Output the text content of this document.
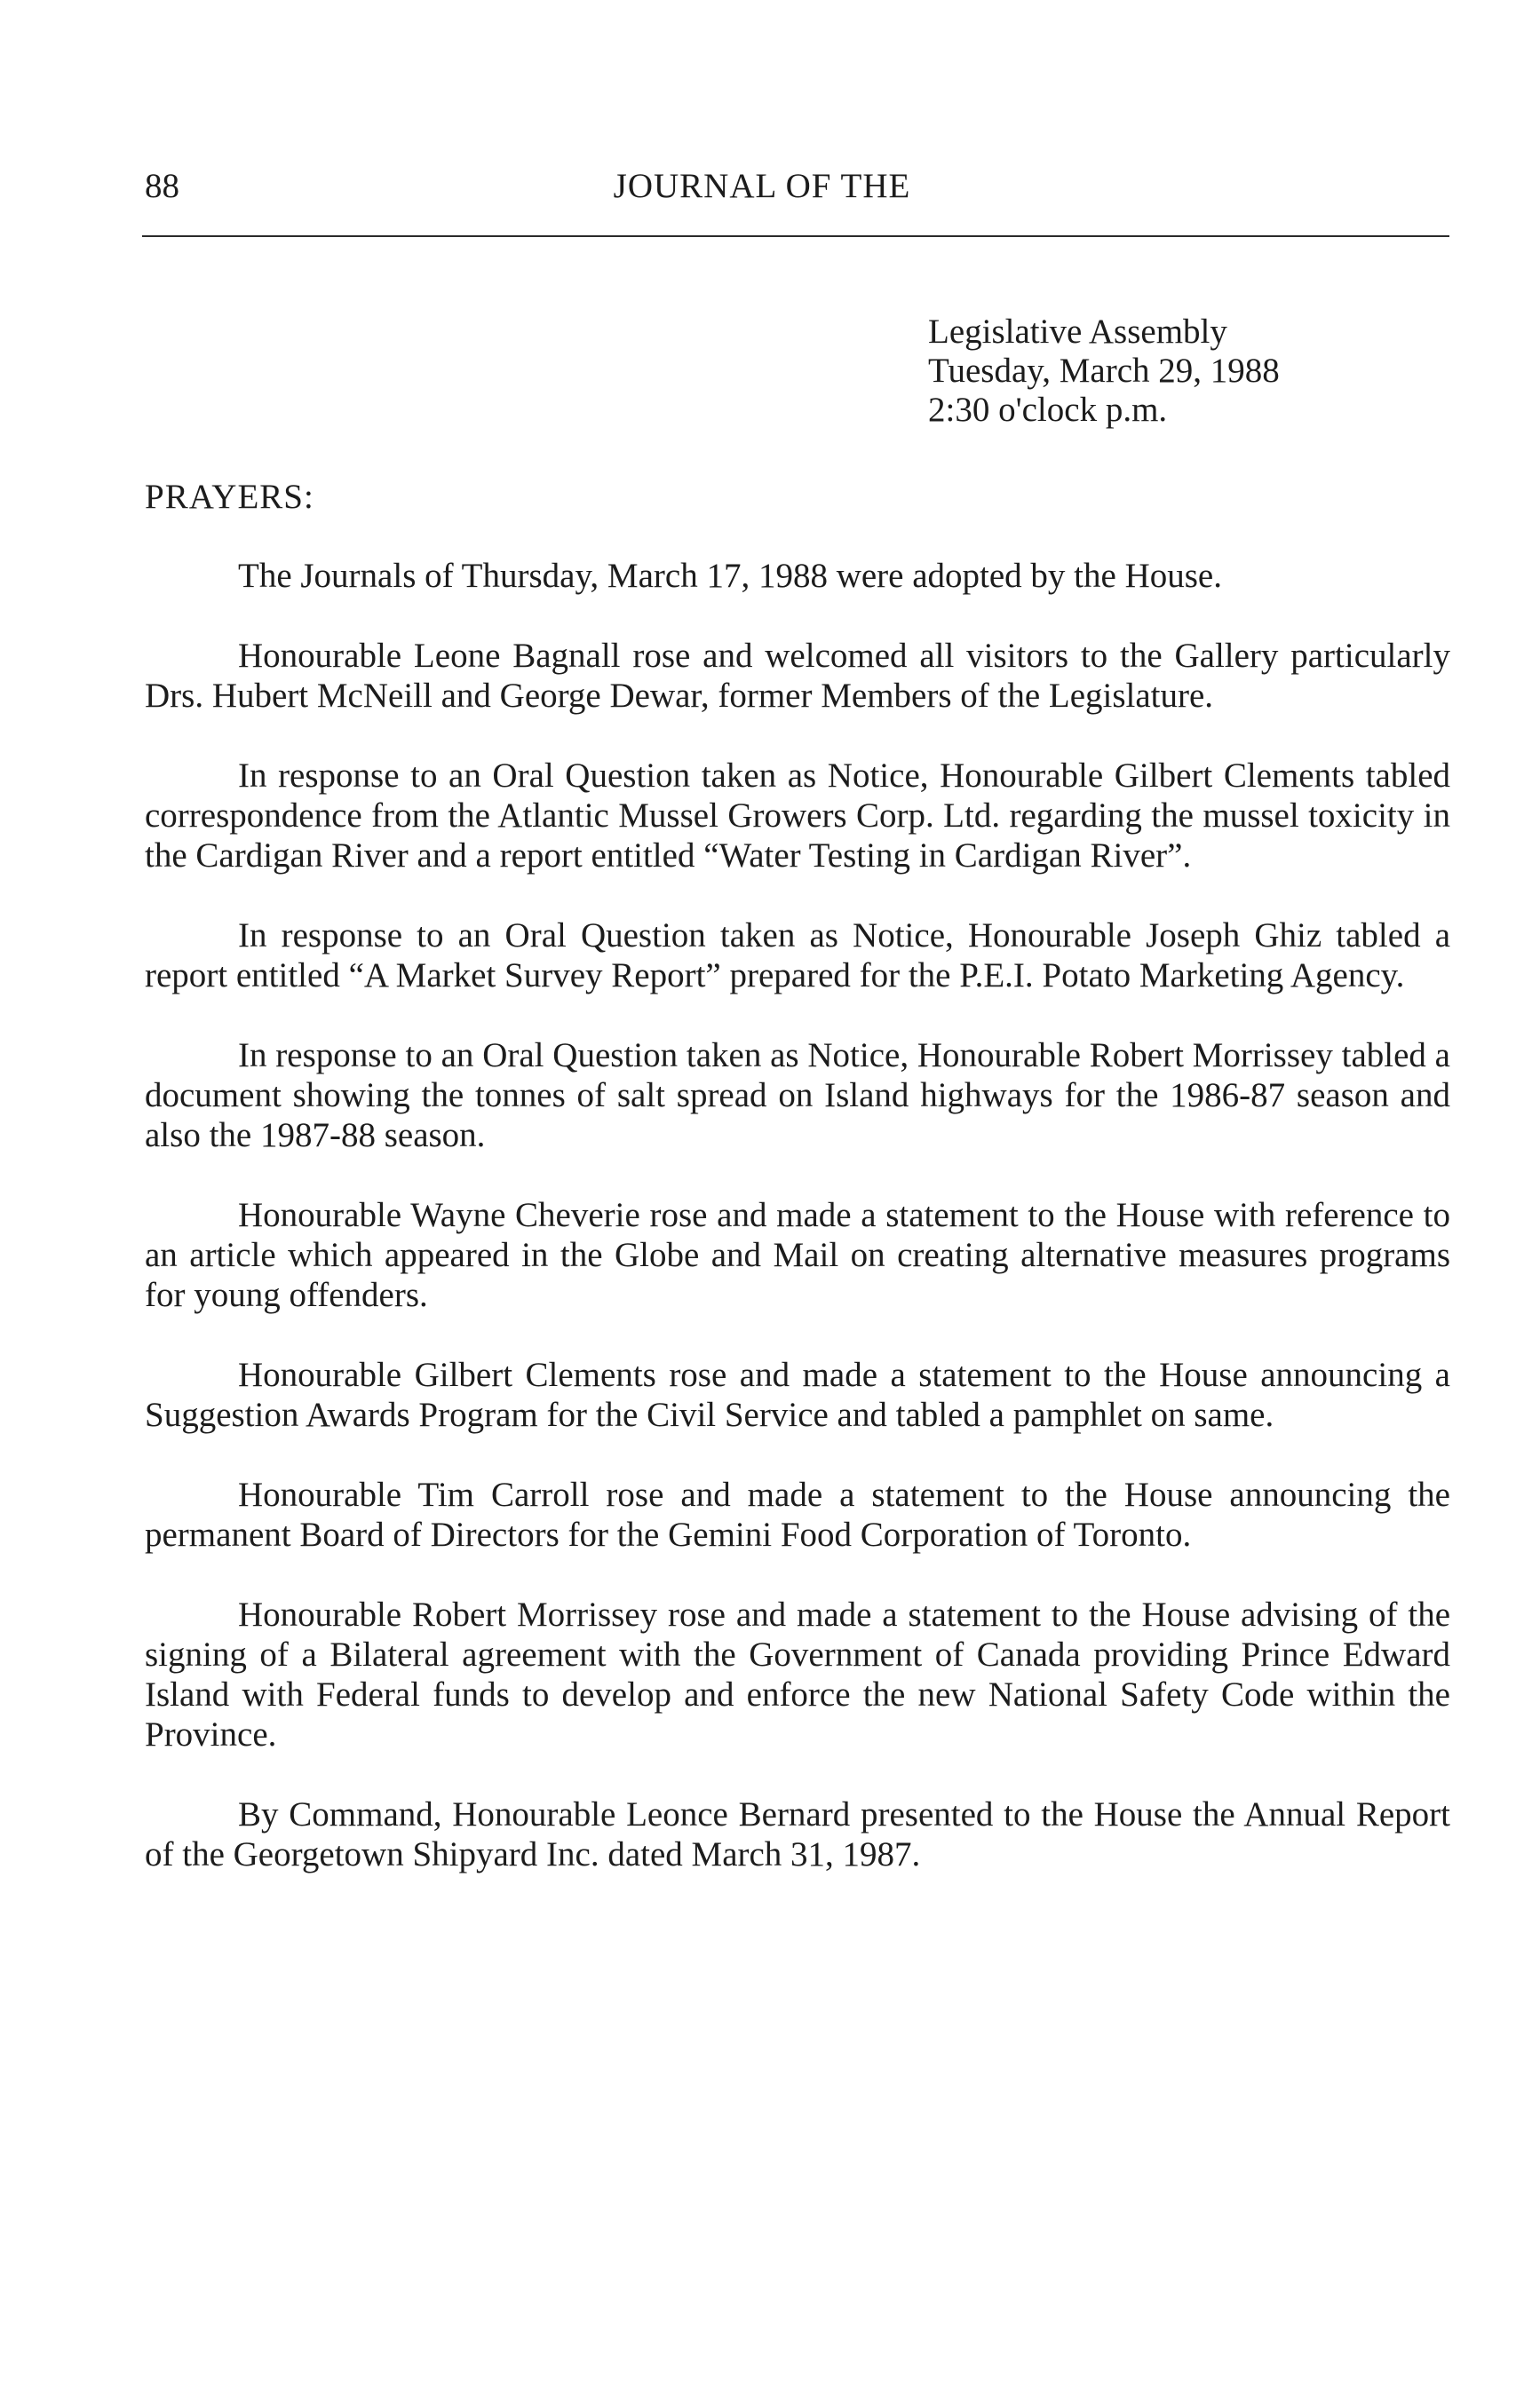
88	JOURNAL OF THE
Legislative Assembly
Tuesday, March 29, 1988
2:30 o'clock p.m.
PRAYERS:

The Journals of Thursday, March 17, 1988 were adopted by the House.

Honourable Leone Bagnall rose and welcomed all visitors to the Gallery particularly Drs. Hubert McNeill and George Dewar, former Members of the Legislature.

In response to an Oral Question taken as Notice, Honourable Gilbert Clements tabled correspondence from the Atlantic Mussel Growers Corp. Ltd. regarding the mussel toxicity in the Cardigan River and a report entitled “Water Testing in Cardigan River”.

In response to an Oral Question taken as Notice, Honourable Joseph Ghiz tabled a report entitled “A Market Survey Report” prepared for the P.E.I. Potato Marketing Agency.

In response to an Oral Question taken as Notice, Honourable Robert Morrissey tabled a document showing the tonnes of salt spread on Island highways for the 1986-87 season and also the 1987-88 season.

Honourable Wayne Cheverie rose and made a statement to the House with reference to an article which appeared in the Globe and Mail on creating alternative measures programs for young offenders.

Honourable Gilbert Clements rose and made a statement to the House announcing a Suggestion Awards Program for the Civil Service and tabled a pamphlet on same.

Honourable Tim Carroll rose and made a statement to the House announcing the permanent Board of Directors for the Gemini Food Corporation of Toronto.

Honourable Robert Morrissey rose and made a statement to the House advising of the signing of a Bilateral agreement with the Government of Canada providing Prince Edward Island with Federal funds to develop and enforce the new National Safety Code within the Province.

By Command, Honourable Leonce Bernard presented to the House the Annual Report of the Georgetown Shipyard Inc. dated March 31, 1987.
